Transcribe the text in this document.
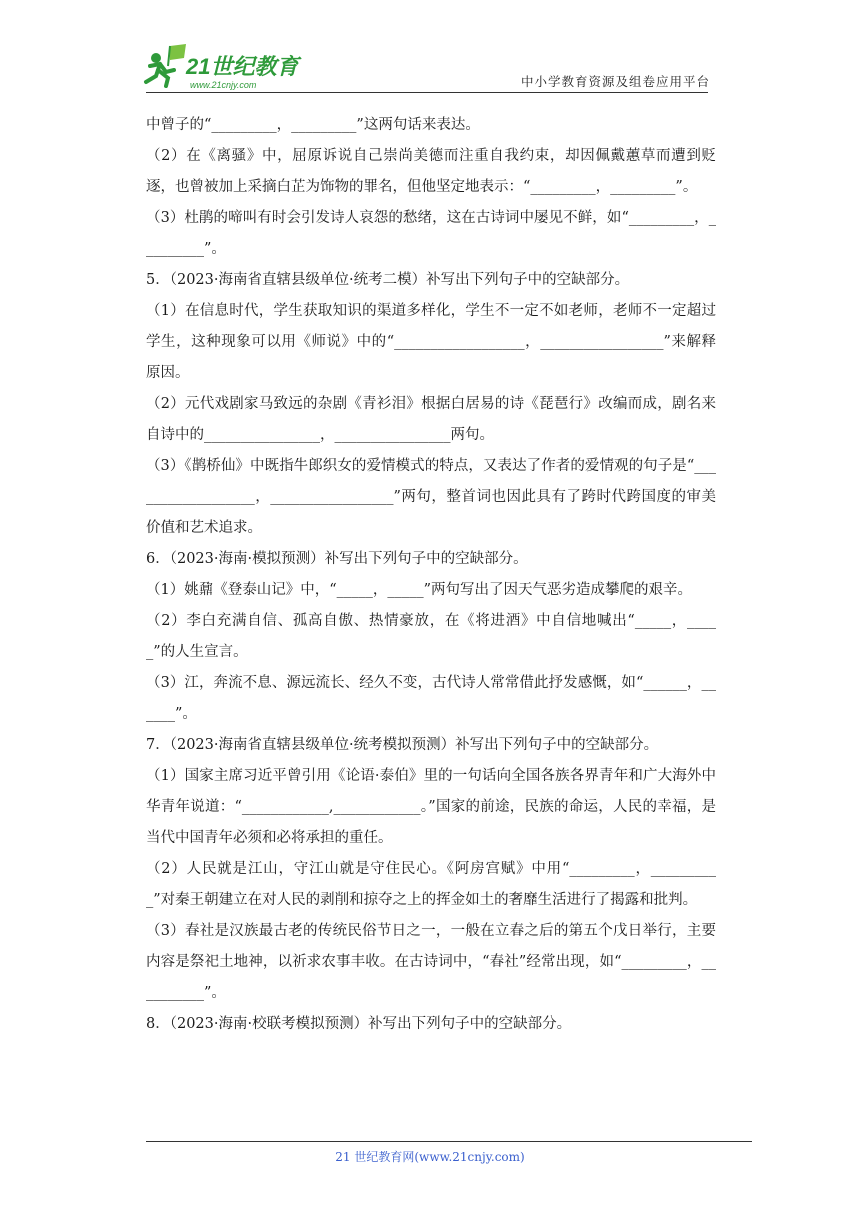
21世纪教育
www.21cnjy.com	中小学教育资源及组卷应用平台

中曾子的“_________，_________”这两句话来表达。

（2）在《离骚》中，屈原诉说自己崇尚美德而注重自我约束，却因佩戴蕙草而遭到贬逐，也曾被加上采摘白芷为饰物的罪名，但他坚定地表示：“_________，_________”。

（3）杜鹃的啼叫有时会引发诗人哀怨的愁绪，这在古诗词中屡见不鲜，如“_________，_________”。

5．（2023·海南省直辖县级单位·统考二模）补写出下列句子中的空缺部分。

（1）在信息时代，学生获取知识的渠道多样化，学生不一定不如老师，老师不一定超过学生，这种现象可以用《师说》中的“__________________，_________________”来解释原因。

（2）元代戏剧家马致远的杂剧《青衫泪》根据白居易的诗《琵琶行》改编而成，剧名来自诗中的________________，________________两句。

（3）《鹊桥仙》中既指牛郎织女的爱情模式的特点，又表达了作者的爱情观的句子是“__________________，_________________”两句，整首词也因此具有了跨时代跨国度的审美价值和艺术追求。

6．（2023·海南·模拟预测）补写出下列句子中的空缺部分。

（1）姚鼐《登泰山记》中，“_____，_____”两句写出了因天气恶劣造成攀爬的艰辛。

（2）李白充满自信、孤高自傲、热情豪放，在《将进酒》中自信地喊出“_____，_____”的人生宣言。

（3）江，奔流不息、源远流长、经久不变，古代诗人常常借此抒发感慨，如“______，______”。

7．（2023·海南省直辖县级单位·统考模拟预测）补写出下列句子中的空缺部分。

（1）国家主席习近平曾引用《论语·泰伯》里的一句话向全国各族各界青年和广大海外中华青年说道：“____________,____________。”国家的前途，民族的命运，人民的幸福，是当代中国青年必须和必将承担的重任。

（2）人民就是江山，守江山就是守住民心。《阿房宫赋》中用“_________，__________”对秦王朝建立在对人民的剥削和掠夺之上的挥金如土的奢靡生活进行了揭露和批判。

（3）春社是汉族最古老的传统民俗节日之一，一般在立春之后的第五个戊日举行，主要内容是祭祀土地神，以祈求农事丰收。在古诗词中，“春社”经常出现，如“_________，__________”。

8．（2023·海南·校联考模拟预测）补写出下列句子中的空缺部分。

21 世纪教育网(www.21cnjy.com)
